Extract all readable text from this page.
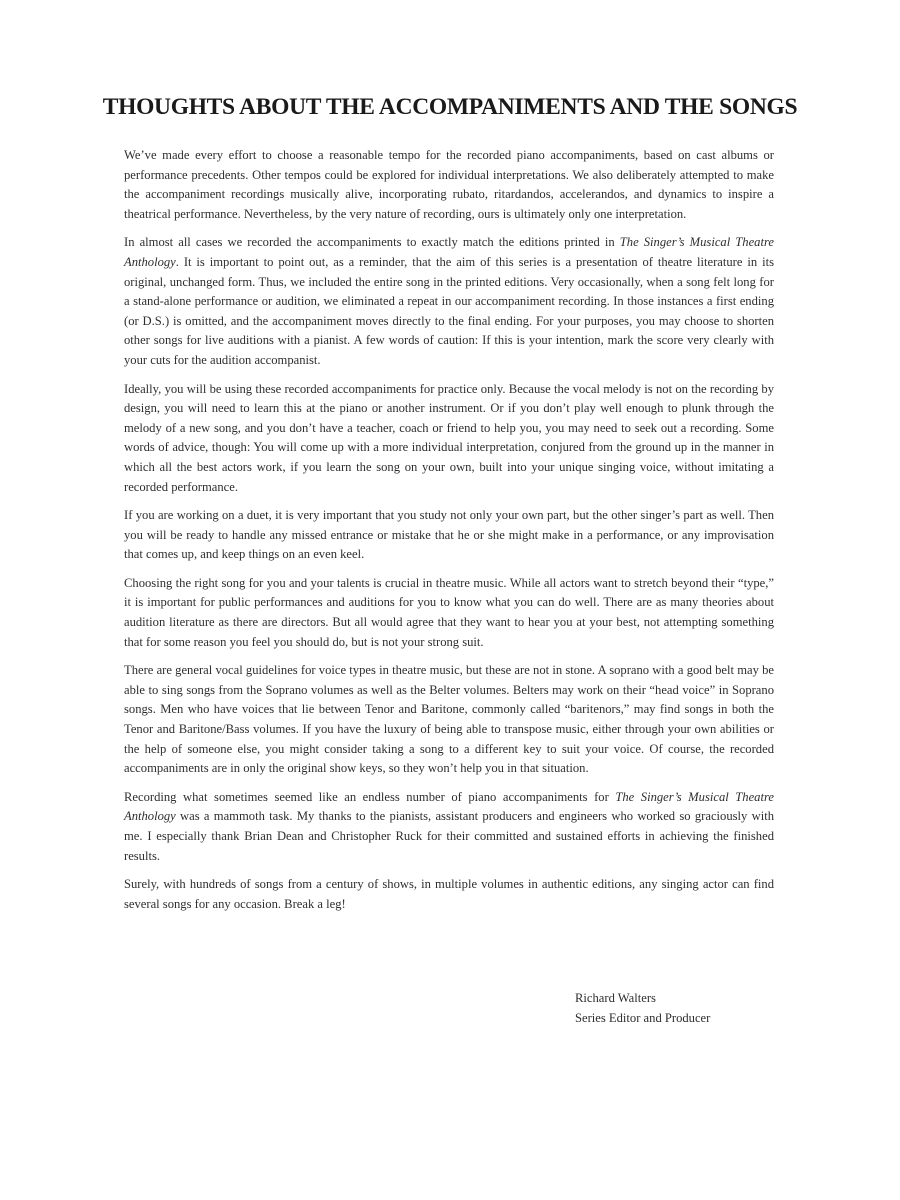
THOUGHTS ABOUT THE ACCOMPANIMENTS AND THE SONGS

We’ve made every effort to choose a reasonable tempo for the recorded piano accompaniments, based on cast albums or performance precedents. Other tempos could be explored for individual interpretations. We also deliberately attempted to make the accompaniment recordings musically alive, incorporating rubato, ritardandos, accelerandos, and dynamics to inspire a theatrical performance. Nevertheless, by the very nature of recording, ours is ultimately only one interpretation.

In almost all cases we recorded the accompaniments to exactly match the editions printed in The Singer’s Musical Theatre Anthology. It is important to point out, as a reminder, that the aim of this series is a presentation of theatre literature in its original, unchanged form. Thus, we included the entire song in the printed editions. Very occasionally, when a song felt long for a stand-alone performance or audition, we eliminated a repeat in our accompaniment recording. In those instances a first ending (or D.S.) is omitted, and the accompaniment moves directly to the final ending. For your purposes, you may choose to shorten other songs for live auditions with a pianist. A few words of caution: If this is your intention, mark the score very clearly with your cuts for the audition accompanist.

Ideally, you will be using these recorded accompaniments for practice only. Because the vocal melody is not on the recording by design, you will need to learn this at the piano or another instrument. Or if you don’t play well enough to plunk through the melody of a new song, and you don’t have a teacher, coach or friend to help you, you may need to seek out a recording. Some words of advice, though: You will come up with a more individual interpretation, conjured from the ground up in the manner in which all the best actors work, if you learn the song on your own, built into your unique singing voice, without imitating a recorded performance.

If you are working on a duet, it is very important that you study not only your own part, but the other singer’s part as well. Then you will be ready to handle any missed entrance or mistake that he or she might make in a performance, or any improvisation that comes up, and keep things on an even keel.

Choosing the right song for you and your talents is crucial in theatre music. While all actors want to stretch beyond their “type,” it is important for public performances and auditions for you to know what you can do well. There are as many theories about audition literature as there are directors. But all would agree that they want to hear you at your best, not attempting something that for some reason you feel you should do, but is not your strong suit.

There are general vocal guidelines for voice types in theatre music, but these are not in stone. A soprano with a good belt may be able to sing songs from the Soprano volumes as well as the Belter volumes. Belters may work on their “head voice” in Soprano songs. Men who have voices that lie between Tenor and Baritone, commonly called “baritenors,” may find songs in both the Tenor and Baritone/Bass volumes. If you have the luxury of being able to transpose music, either through your own abilities or the help of someone else, you might consider taking a song to a different key to suit your voice. Of course, the recorded accompaniments are in only the original show keys, so they won’t help you in that situation.

Recording what sometimes seemed like an endless number of piano accompaniments for The Singer’s Musical Theatre Anthology was a mammoth task. My thanks to the pianists, assistant producers and engineers who worked so graciously with me. I especially thank Brian Dean and Christopher Ruck for their committed and sustained efforts in achieving the finished results.

Surely, with hundreds of songs from a century of shows, in multiple volumes in authentic editions, any singing actor can find several songs for any occasion. Break a leg!

Richard Walters
Series Editor and Producer
